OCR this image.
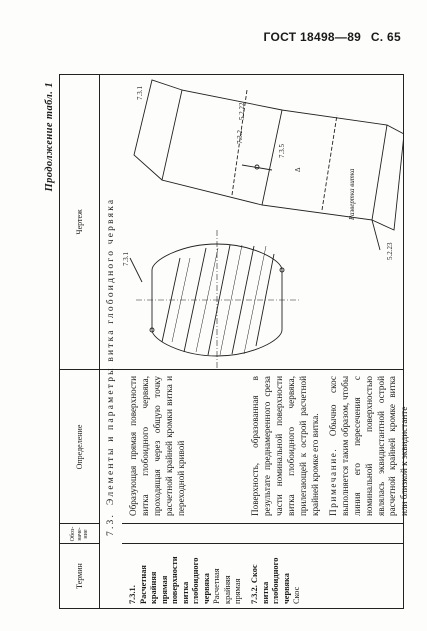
ГОСТ 18498—89 С. 65
Продолжение табл. 1
Термин
Обоз-
наче-
ние
Определение
Чертеж
7.3.
Элементы и параметры витка глобоидного червяка
7.3.1. Расчетная крайняя прямая поверхности витка глобоидного червяка Расчетная крайняя прямая

Образующая прямая поверхности витка глобоидного червяка, проходящая через общую точку расчетной крайней кромки витка и переходной кривой

7.3.2. Скос витка глобоидного червяка Скос

Поверхность, образованная в результате преднамеренного среза части номинальной поверхности витка глобоидного червяка, прилегающей к острой расчетной крайней кромке его витка. Примечание. Обычно скос выполняется таким образом, чтобы линия его пересечения с номинальной поверхностью являлась эквидистантной острой расчетной крайней кромке витка или близкой к эквидистанте

7.3.1
7.3.2
7.3.5
5.2.22
7.3.1
5.2.23
Δ	Развертка витка
